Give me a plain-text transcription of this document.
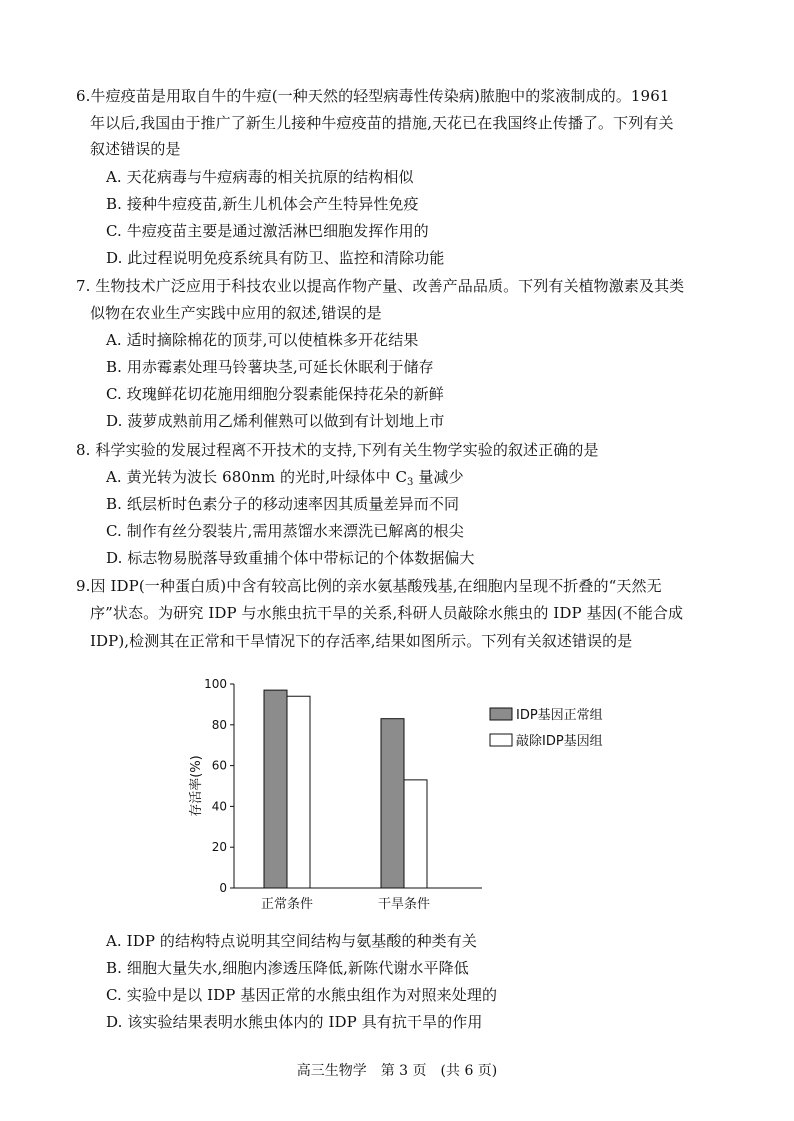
6.牛痘疫苗是用取自牛的牛痘(一种天然的轻型病毒性传染病)脓胞中的浆液制成的。1961
年以后,我国由于推广了新生儿接种牛痘疫苗的措施,天花已在我国终止传播了。下列有关
叙述错误的是
A. 天花病毒与牛痘病毒的相关抗原的结构相似
B. 接种牛痘疫苗,新生儿机体会产生特异性免疫
C. 牛痘疫苗主要是通过激活淋巴细胞发挥作用的
D. 此过程说明免疫系统具有防卫、监控和清除功能
7. 生物技术广泛应用于科技农业以提高作物产量、改善产品品质。下列有关植物激素及其类
似物在农业生产实践中应用的叙述,错误的是
A. 适时摘除棉花的顶芽,可以使植株多开花结果
B. 用赤霉素处理马铃薯块茎,可延长休眠利于储存
C. 玫瑰鲜花切花施用细胞分裂素能保持花朵的新鲜
D. 菠萝成熟前用乙烯利催熟可以做到有计划地上市
8. 科学实验的发展过程离不开技术的支持,下列有关生物学实验的叙述正确的是
A. 黄光转为波长 680nm 的光时,叶绿体中 $C_3$ 量减少
B. 纸层析时色素分子的移动速率因其质量差异而不同
C. 制作有丝分裂装片,需用蒸馏水来漂洗已解离的根尖
D. 标志物易脱落导致重捕个体中带标记的个体数据偏大
9.因 IDP(一种蛋白质)中含有较高比例的亲水氨基酸残基,在细胞内呈现不折叠的“天然无
序”状态。为研究 IDP 与水熊虫抗干旱的关系,科研人员敲除水熊虫的 IDP 基因(不能合成
IDP),检测其在正常和干旱情况下的存活率,结果如图所示。下列有关叙述错误的是
0
20
40
60
80
100
存活率(%)
正常条件	干旱条件
IDP基因正常组
敲除IDP基因组
A. IDP 的结构特点说明其空间结构与氨基酸的种类有关
B. 细胞大量失水,细胞内渗透压降低,新陈代谢水平降低
C. 实验中是以 IDP 基因正常的水熊虫组作为对照来处理的
D. 该实验结果表明水熊虫体内的 IDP 具有抗干旱的作用
高三生物学　第 3 页　(共 6 页)
